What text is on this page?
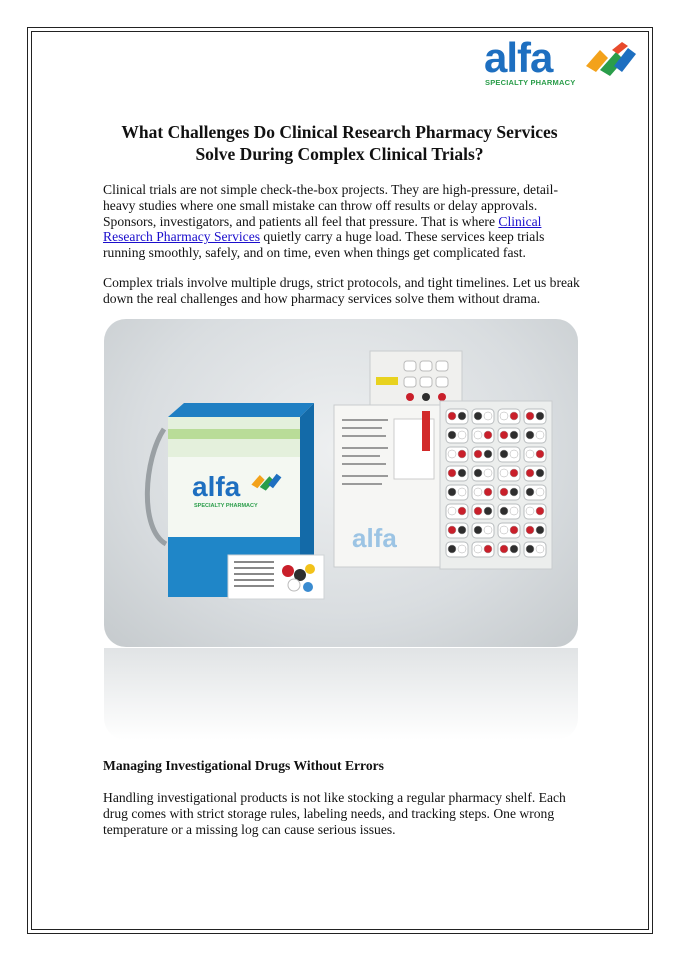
alfa
SPECIALTY PHARMACY
What Challenges Do Clinical Research Pharmacy Services
Solve During Complex Clinical Trials?

Clinical trials are not simple check-the-box projects. They are high-pressure, detail-heavy studies where one small mistake can throw off results or delay approvals. Sponsors, investigators, and patients all feel that pressure. That is where Clinical Research Pharmacy Services quietly carry a huge load. These services keep trials running smoothly, safely, and on time, even when things get complicated fast.

Complex trials involve multiple drugs, strict protocols, and tight timelines. Let us break down the real challenges and how pharmacy services solve them without drama.

alfa
SPECIALTY PHARMACY
alfa
Managing Investigational Drugs Without Errors

Handling investigational products is not like stocking a regular pharmacy shelf. Each drug comes with strict storage rules, labeling needs, and tracking steps. One wrong temperature or a missing log can cause serious issues.
